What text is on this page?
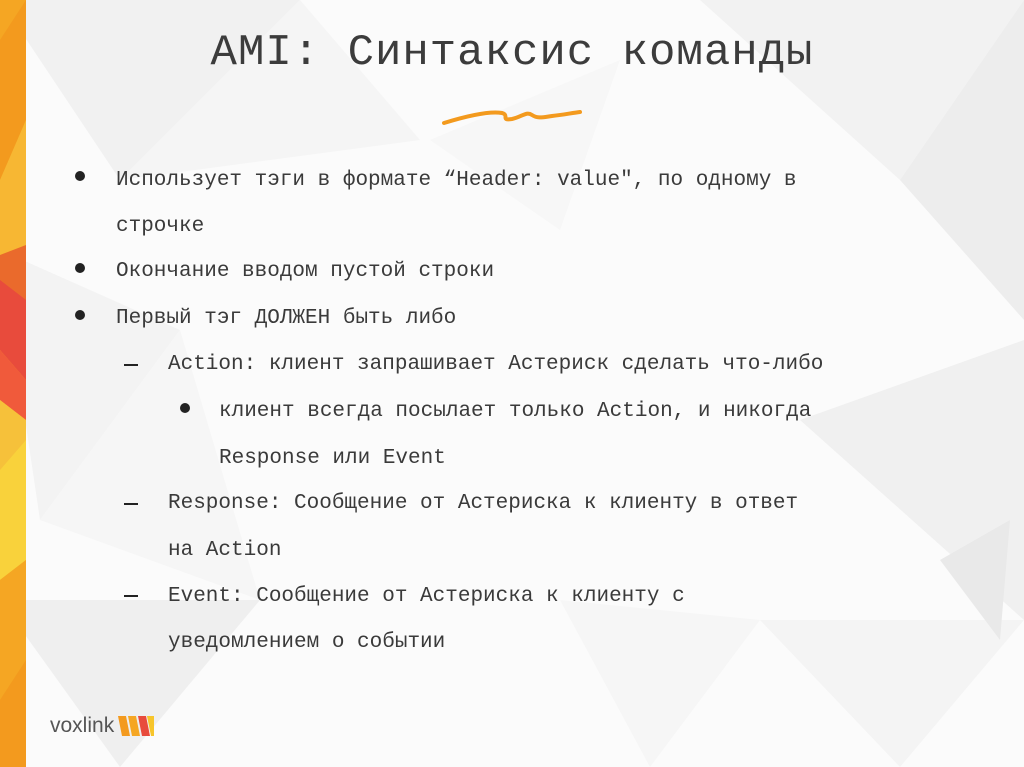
AMI: Синтаксис команды
Использует тэги в формате “Header: value", по одному в
строчке
Окончание вводом пустой строки
Первый тэг ДОЛЖЕН быть либо
Action: клиент запрашивает Астериск сделать что-либо
клиент всегда посылает только Action, и никогда
Response или Event
Response: Сообщение от Астериска к клиенту в ответ
на Action
Event: Сообщение от Астериска к клиенту с
уведомлением о событии
voxlink
